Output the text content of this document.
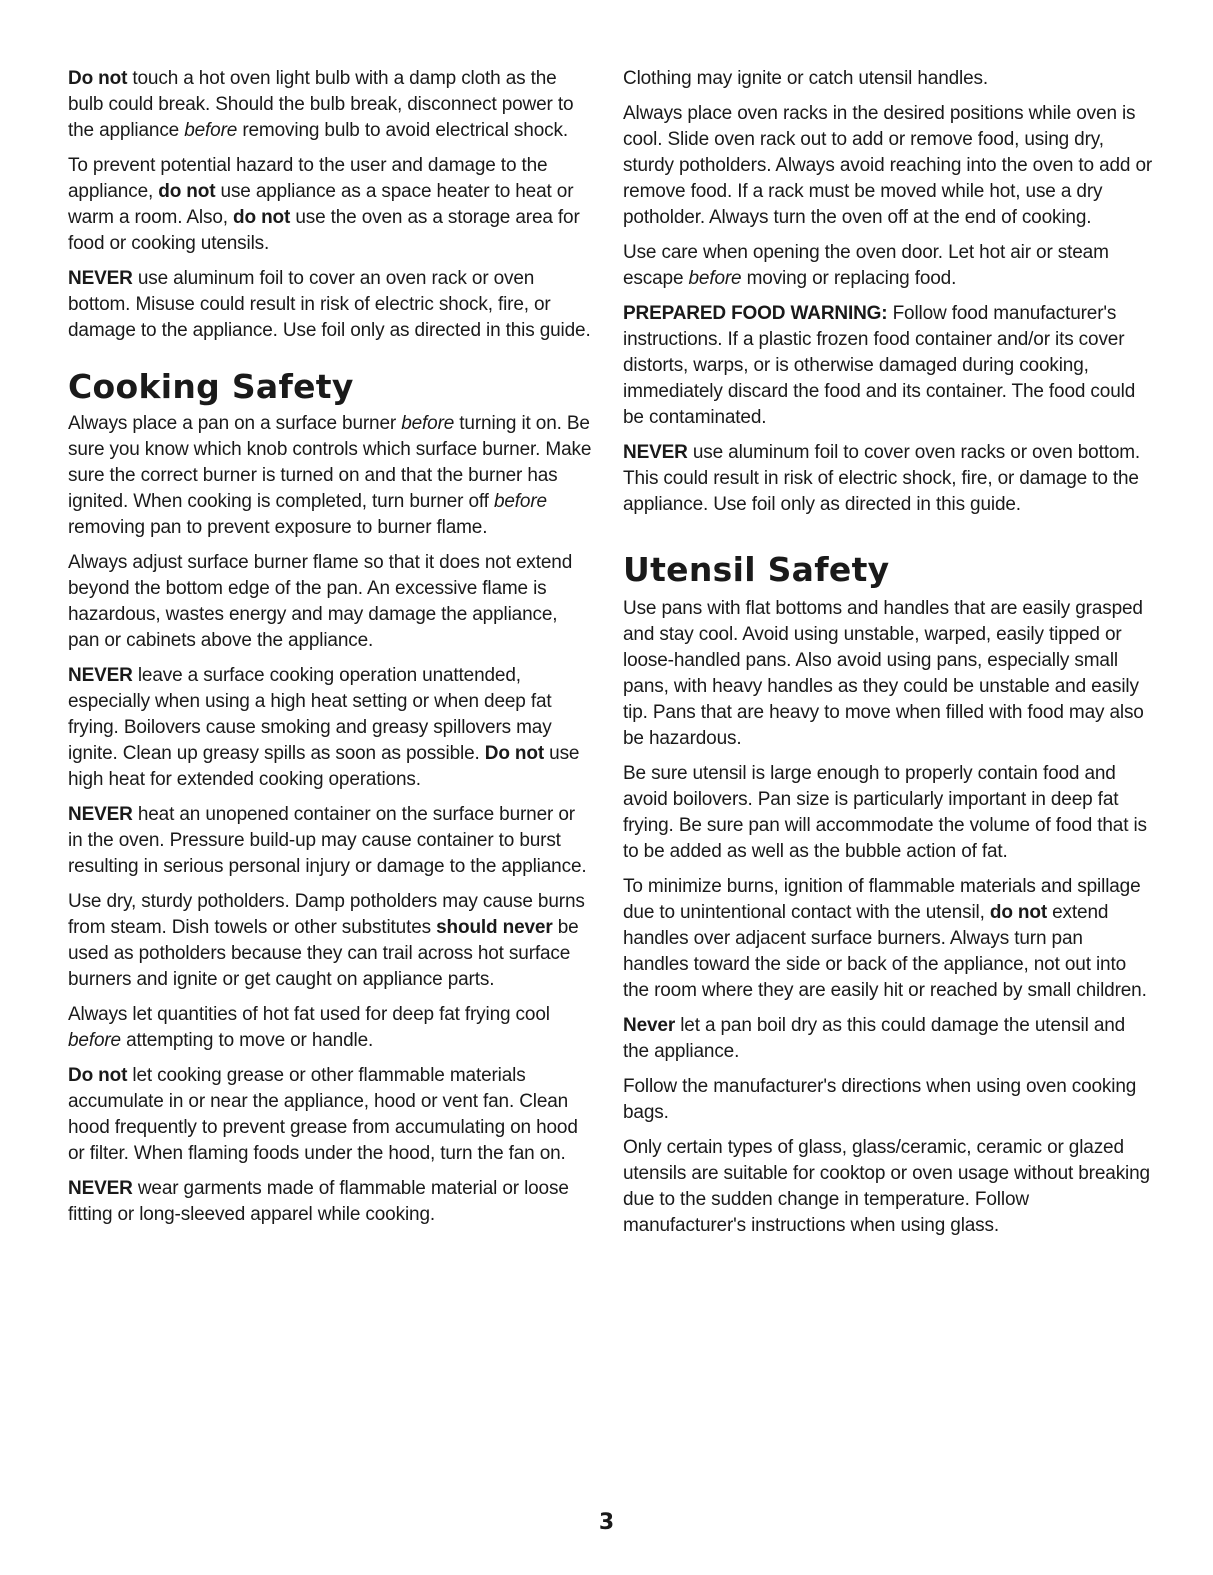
Do not touch a hot oven light bulb with a damp cloth as the bulb could break. Should the bulb break, disconnect power to the appliance before removing bulb to avoid electrical shock.

To prevent potential hazard to the user and damage to the appliance, do not use appliance as a space heater to heat or warm a room. Also, do not use the oven as a storage area for food or cooking utensils.

NEVER use aluminum foil to cover an oven rack or oven bottom. Misuse could result in risk of electric shock, fire, or damage to the appliance. Use foil only as directed in this guide.

Cooking Safety

Always place a pan on a surface burner before turning it on. Be sure you know which knob controls which surface burner. Make sure the correct burner is turned on and that the burner has ignited. When cooking is completed, turn burner off before removing pan to prevent exposure to burner flame.

Always adjust surface burner flame so that it does not extend beyond the bottom edge of the pan. An excessive flame is hazardous, wastes energy and may damage the appliance, pan or cabinets above the appliance.

NEVER leave a surface cooking operation unattended, especially when using a high heat setting or when deep fat frying. Boilovers cause smoking and greasy spillovers may ignite. Clean up greasy spills as soon as possible. Do not use high heat for extended cooking operations.

NEVER heat an unopened container on the surface burner or in the oven. Pressure build-up may cause container to burst resulting in serious personal injury or damage to the appliance.

Use dry, sturdy potholders. Damp potholders may cause burns from steam. Dish towels or other substitutes should never be used as potholders because they can trail across hot surface burners and ignite or get caught on appliance parts.

Always let quantities of hot fat used for deep fat frying cool before attempting to move or handle.

Do not let cooking grease or other flammable materials accumulate in or near the appliance, hood or vent fan. Clean hood frequently to prevent grease from accumulating on hood or filter. When flaming foods under the hood, turn the fan on.

NEVER wear garments made of flammable material or loose fitting or long-sleeved apparel while cooking.

Clothing may ignite or catch utensil handles.

Always place oven racks in the desired positions while oven is cool. Slide oven rack out to add or remove food, using dry, sturdy potholders. Always avoid reaching into the oven to add or remove food. If a rack must be moved while hot, use a dry potholder. Always turn the oven off at the end of cooking.

Use care when opening the oven door. Let hot air or steam escape before moving or replacing food.

PREPARED FOOD WARNING: Follow food manufacturer's instructions. If a plastic frozen food container and/or its cover distorts, warps, or is otherwise damaged during cooking, immediately discard the food and its container. The food could be contaminated.

NEVER use aluminum foil to cover oven racks or oven bottom. This could result in risk of electric shock, fire, or damage to the appliance. Use foil only as directed in this guide.

Utensil Safety

Use pans with flat bottoms and handles that are easily grasped and stay cool. Avoid using unstable, warped, easily tipped or loose-handled pans. Also avoid using pans, especially small pans, with heavy handles as they could be unstable and easily tip. Pans that are heavy to move when filled with food may also be hazardous.

Be sure utensil is large enough to properly contain food and avoid boilovers. Pan size is particularly important in deep fat frying. Be sure pan will accommodate the volume of food that is to be added as well as the bubble action of fat.

To minimize burns, ignition of flammable materials and spillage due to unintentional contact with the utensil, do not extend handles over adjacent surface burners. Always turn pan handles toward the side or back of the appliance, not out into the room where they are easily hit or reached by small children.

Never let a pan boil dry as this could damage the utensil and the appliance.

Follow the manufacturer's directions when using oven cooking bags.

Only certain types of glass, glass/ceramic, ceramic or glazed utensils are suitable for cooktop or oven usage without breaking due to the sudden change in temperature. Follow manufacturer's instructions when using glass.

3
